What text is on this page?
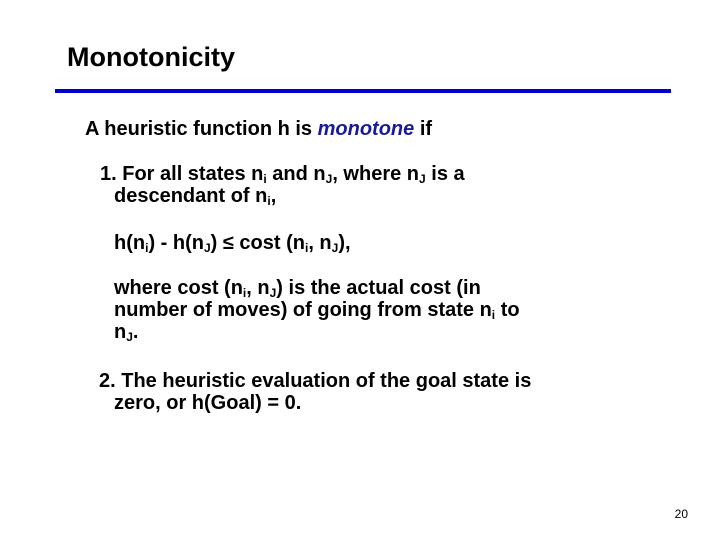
Monotonicity
A heuristic function h is monotone if
1. For all states $n_i$ and $n_J$, where $n_J$ is a
descendant of $n_i$,
$h(n_i) - h(n_J) \le \cos t$ ($n_i$, $n_J$),
where cost ($n_i$, $n_J$) is the actual cost (in
number of moves) of going from state $n_i$ to
$n_J$.
2. The heuristic evaluation of the goal state is
zero, or h(Goal) = 0.
20
